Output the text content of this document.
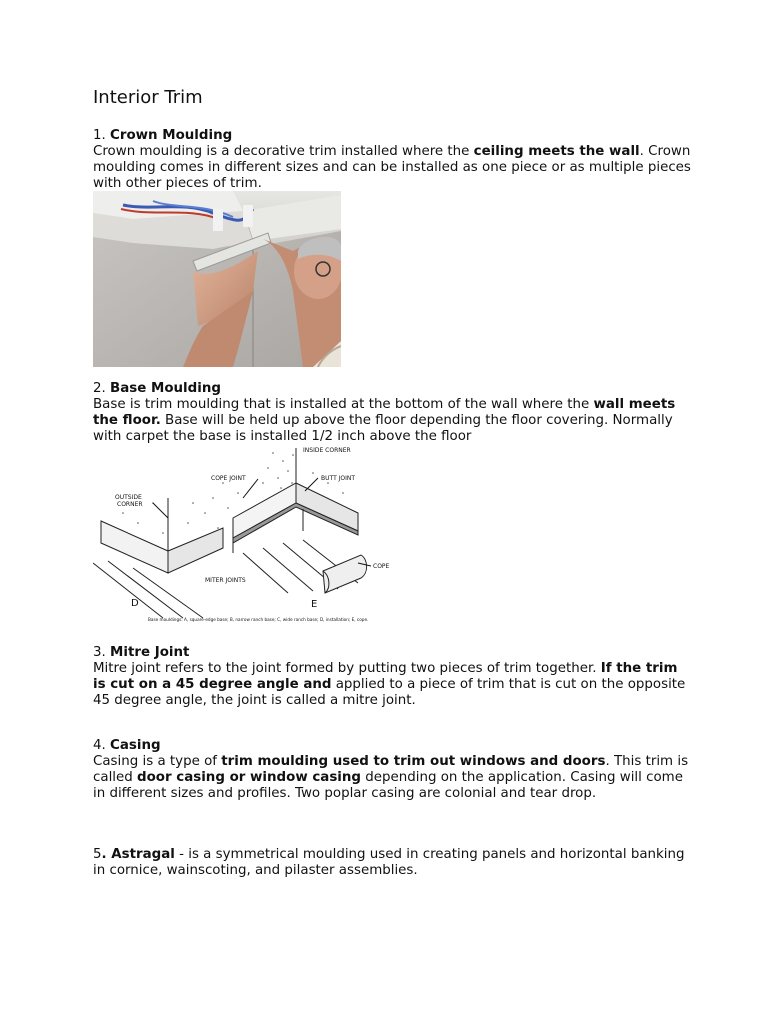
Interior Trim
1. Crown Moulding

Crown moulding is a decorative trim installed where the ceiling meets the wall. Crown moulding comes in different sizes and can be installed as one piece or as multiple pieces with other pieces of trim.

2. Base Moulding

Base is trim moulding that is installed at the bottom of the wall where the wall meets the floor. Base will be held up above the floor depending the floor covering. Normally with carpet the base is installed 1/2 inch above the floor

INSIDE CORNER
COPE JOINT	BUTT JOINT
OUTSIDE
CORNER
MITER JOINTS
COPE
D	E
Base mouldings: A, square-edge base; B, narrow ranch base; C, wide ranch base; D, installation; E, cope.
3. Mitre Joint

Mitre joint refers to the joint formed by putting two pieces of trim together. If the trim is cut on a 45 degree angle and applied to a piece of trim that is cut on the opposite 45 degree angle, the joint is called a mitre joint.

4. Casing

Casing is a type of trim moulding used to trim out windows and doors. This trim is called door casing or window casing depending on the application. Casing will come in different sizes and profiles. Two poplar casing are colonial and tear drop.

5. Astragal - is a symmetrical moulding used in creating panels and horizontal banking in cornice, wainscoting, and pilaster assemblies.
